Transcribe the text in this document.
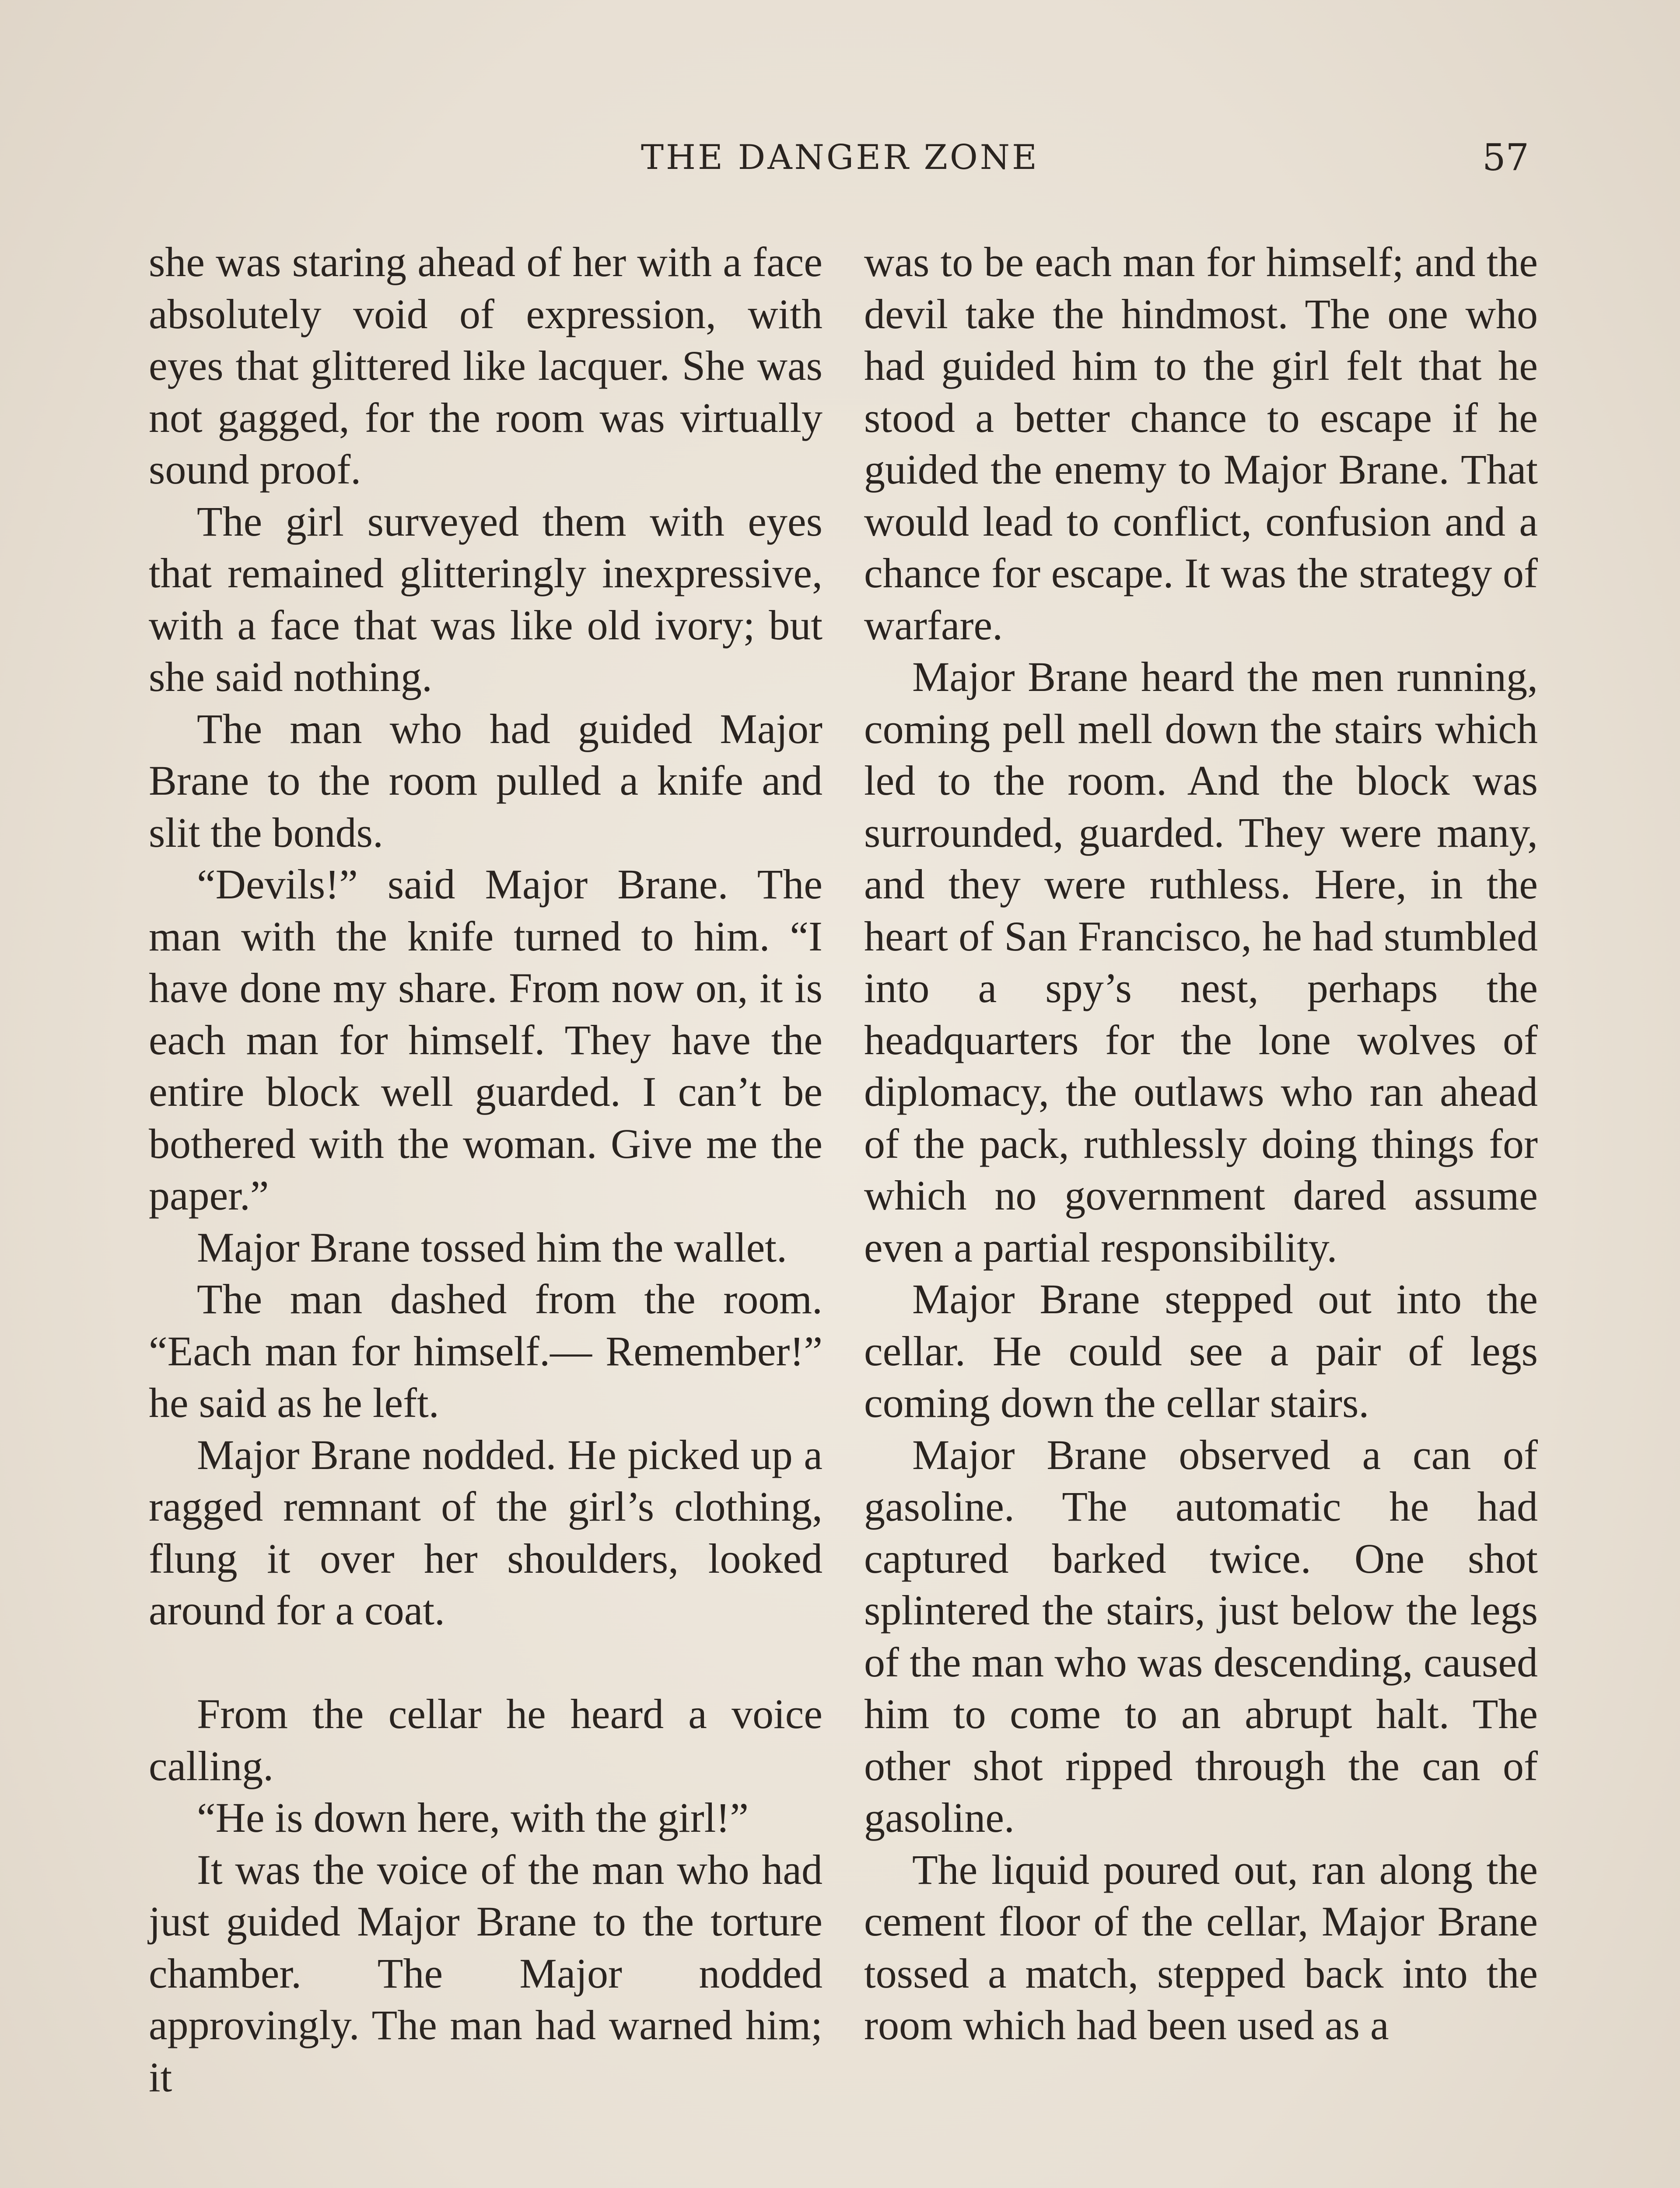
THE DANGER ZONE	57

she was staring ahead of her with a face absolutely void of expression, with eyes that glittered like lacquer. She was not gagged, for the room was virtually sound proof.

The girl surveyed them with eyes that remained glitteringly inexpressive, with a face that was like old ivory; but she said nothing.

The man who had guided Major Brane to the room pulled a knife and slit the bonds.

“Devils!” said Major Brane. The man with the knife turned to him. “I have done my share. From now on, it is each man for himself. They have the entire block well guarded. I can’t be bothered with the woman. Give me the paper.”

Major Brane tossed him the wallet.

The man dashed from the room. “Each man for himself.— Remember!” he said as he left.

Major Brane nodded. He picked up a ragged remnant of the girl’s clothing, flung it over her shoulders, looked around for a coat.

From the cellar he heard a voice calling.

“He is down here, with the girl!”

It was the voice of the man who had just guided Major Brane to the torture chamber. The Major nodded approvingly. The man had warned him; it

was to be each man for himself; and the devil take the hindmost. The one who had guided him to the girl felt that he stood a better chance to escape if he guided the enemy to Major Brane. That would lead to conflict, confusion and a chance for escape. It was the strategy of warfare.

Major Brane heard the men running, coming pell mell down the stairs which led to the room. And the block was surrounded, guarded. They were many, and they were ruthless. Here, in the heart of San Francisco, he had stumbled into a spy’s nest, perhaps the headquarters for the lone wolves of diplomacy, the outlaws who ran ahead of the pack, ruthlessly doing things for which no government dared assume even a partial responsibility.

Major Brane stepped out into the cellar. He could see a pair of legs coming down the cellar stairs.

Major Brane observed a can of gasoline. The automatic he had captured barked twice. One shot splintered the stairs, just below the legs of the man who was descending, caused him to come to an abrupt halt. The other shot ripped through the can of gasoline.

The liquid poured out, ran along the cement floor of the cellar, Major Brane tossed a match, stepped back into the room which had been used as a
